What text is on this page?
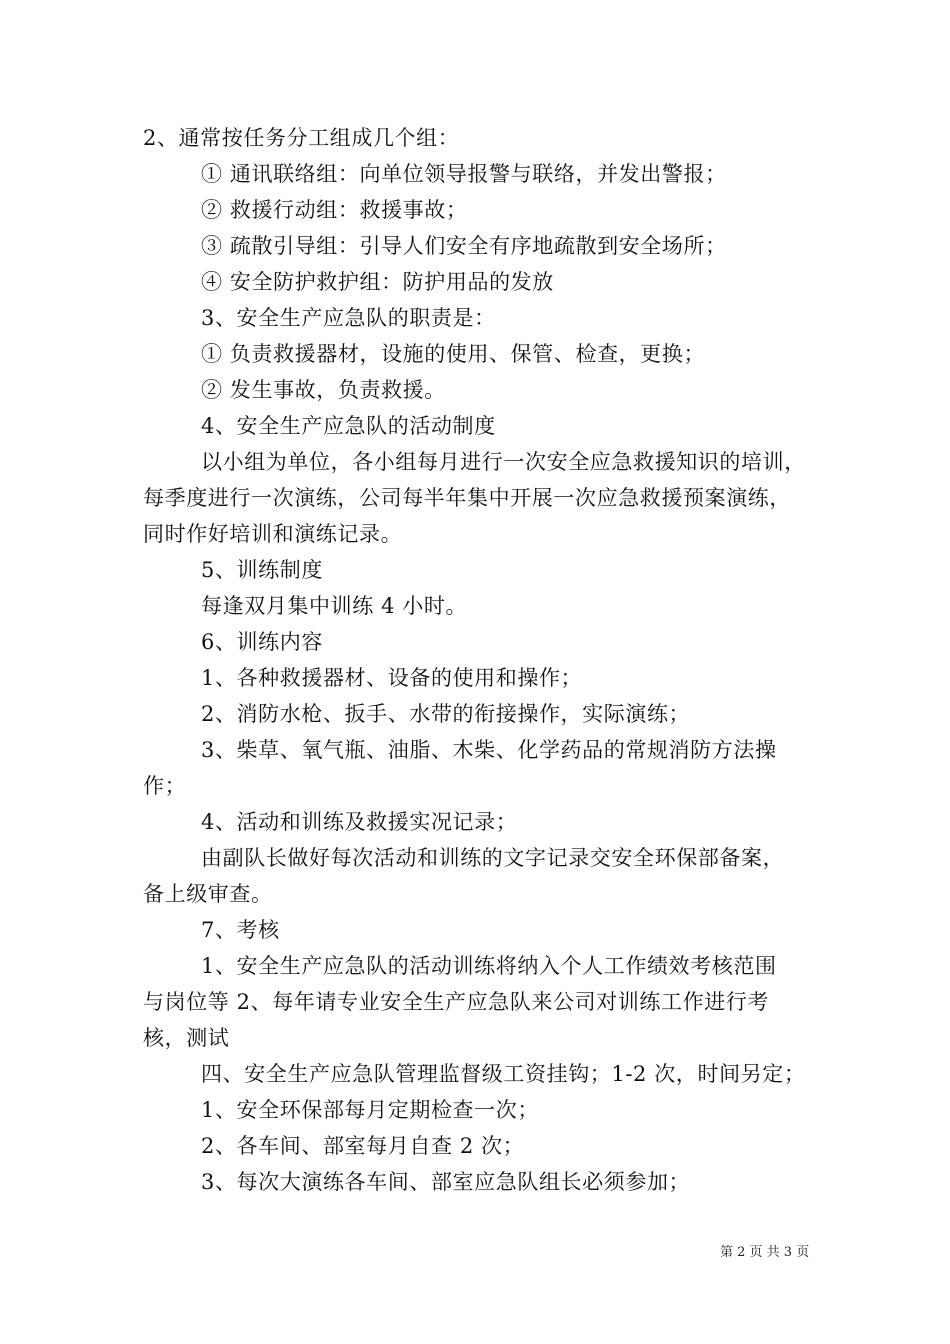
2、通常按任务分工组成几个组：
① 通讯联络组：向单位领导报警与联络，并发出警报；
② 救援行动组：救援事故；
③ 疏散引导组：引导人们安全有序地疏散到安全场所；
④ 安全防护救护组：防护用品的发放
3、安全生产应急队的职责是：
① 负责救援器材，设施的使用、保管、检查，更换；
② 发生事故，负责救援。
4、安全生产应急队的活动制度
以小组为单位，各小组每月进行一次安全应急救援知识的培训，
每季度进行一次演练，公司每半年集中开展一次应急救援预案演练，
同时作好培训和演练记录。
5、训练制度
每逢双月集中训练 4 小时。
6、训练内容
1、各种救援器材、设备的使用和操作；
2、消防水枪、扳手、水带的衔接操作，实际演练；
3、柴草、氧气瓶、油脂、木柴、化学药品的常规消防方法操
作；
4、活动和训练及救援实况记录；
由副队长做好每次活动和训练的文字记录交安全环保部备案，
备上级审查。
7、考核
1、安全生产应急队的活动训练将纳入个人工作绩效考核范围
与岗位等 2、每年请专业安全生产应急队来公司对训练工作进行考
核，测试
四、安全生产应急队管理监督级工资挂钩；1-2 次，时间另定；
1、安全环保部每月定期检查一次；
2、各车间、部室每月自查 2 次；
3、每次大演练各车间、部室应急队组长必须参加；
第 2 页 共 3 页
